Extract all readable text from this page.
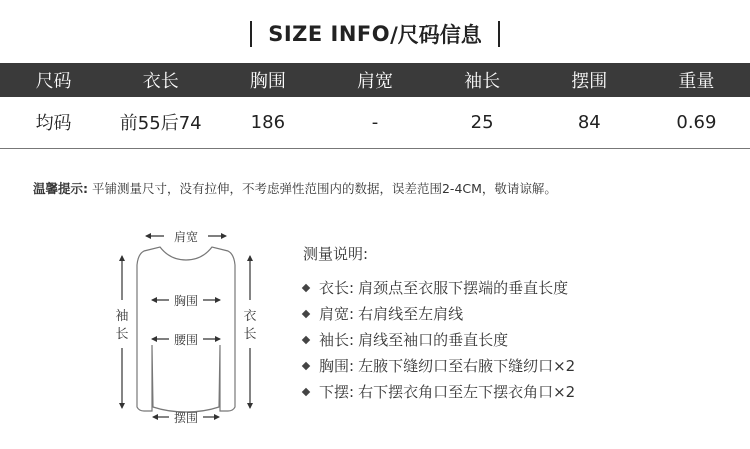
SIZE INFO /尺码信息
尺码	衣长	胸围	肩宽	袖长	摆围	重量
均码	前55后74	186	-	25	84	0.69
温馨提示: 平铺测量尺寸，没有拉伸，不考虑弹性范围内的数据，误差范围2-4CM，敬请谅解。
肩宽
胸围
腰围
摆围
袖
长
衣
长
测量说明:
衣长: 肩颈点至衣服下摆端的垂直长度
肩宽: 右肩线至左肩线
袖长: 肩线至袖口的垂直长度
胸围: 左腋下缝纫口至右腋下缝纫口×2
下摆: 右下摆衣角口至左下摆衣角口×2
